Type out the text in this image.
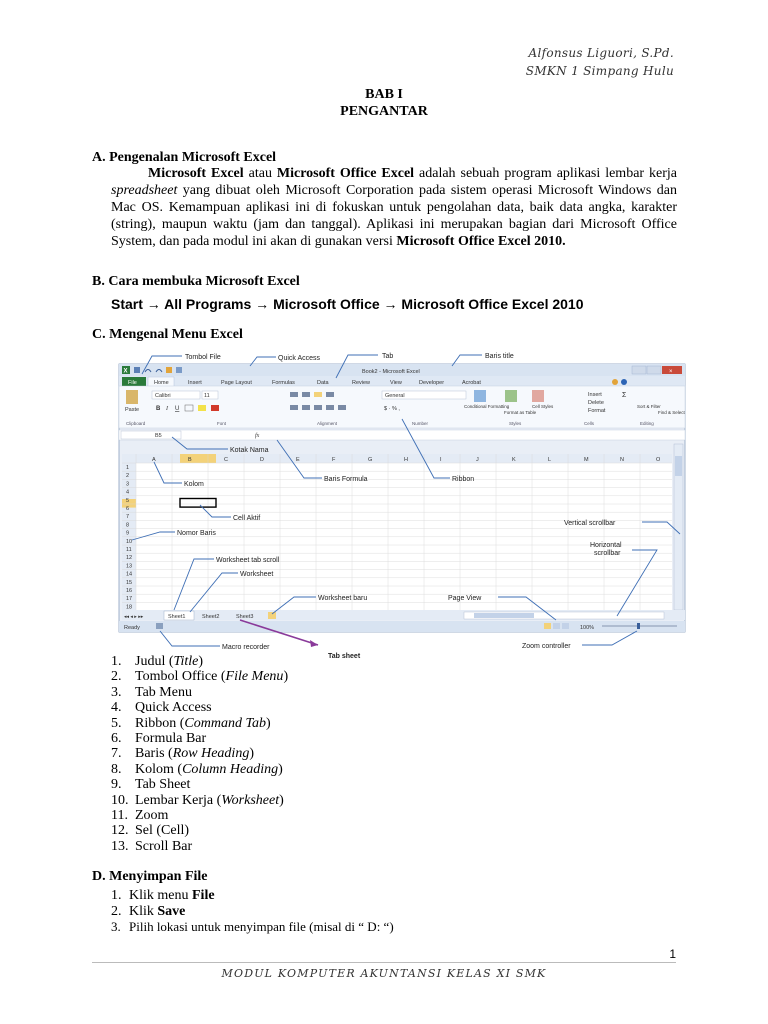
Alfonsus Liguori, S.Pd.
SMKN 1 Simpang Hulu
BAB I
PENGANTAR
A. Pengenalan Microsoft Excel
Microsoft Excel atau Microsoft Office Excel adalah sebuah program aplikasi lembar kerja spreadsheet yang dibuat oleh Microsoft Corporation pada sistem operasi Microsoft Windows dan Mac OS. Kemampuan aplikasi ini di fokuskan untuk pengolahan data, baik data angka, karakter (string), maupun waktu (jam dan tanggal). Aplikasi ini merupakan bagian dari Microsoft Office System, dan pada modul ini akan di gunakan versi Microsoft Office Excel 2010.
B. Cara membuka Microsoft Excel
Start → All Programs → Microsoft Office → Microsoft Office Excel 2010
C. Mengenal Menu Excel
X	Book2 - Microsoft Excel	×
File	Home	Insert	Page Layout	Formulas	Data	Review	View	Developer	Acrobat
Paste
Calibri	11
B I U
General
$ · % ,	Conditional Formatting
Format as Table
Cell Styles
Insert
Delete
Format
Σ
Sort & Filter
Find & Select
Clipboard	Font	Alignment	Number	Styles	Cells	Editing
B5	fx
A	B	C	D	E	F	G	H	I	J	K	L	M	N	O
1
2
3
4
5
6
7
8
9
10
11
12
13
14
15
16
17
18
◂◂ ◂ ▸ ▸▸	Sheet1	Sheet2	Sheet3
Ready	100%
Tombol File	Quick Access	Tab	Baris title
Kotak Nama
Kolom
Baris Formula	Ribbon
Cell Aktif
Vertical scrollbar
Nomor Baris
Horizontal
scrollbar
Worksheet tab scroll
Worksheet
Worksheet baru	Page View
Macro recorder	Zoom controller
Tab sheet
1. Judul (Title)
2. Tombol Office (File Menu)
3. Tab Menu
4. Quick Access
5. Ribbon (Command Tab)
6. Formula Bar
7. Baris (Row Heading)
8. Kolom (Column Heading)
9. Tab Sheet
10. Lembar Kerja (Worksheet)
11. Zoom
12. Sel (Cell)
13. Scroll Bar
D. Menyimpan File
1. Klik menu File
2. Klik Save
3. Pilih lokasi untuk menyimpan file (misal di “ D: “)
1
MODUL KOMPUTER AKUNTANSI KELAS XI SMK
